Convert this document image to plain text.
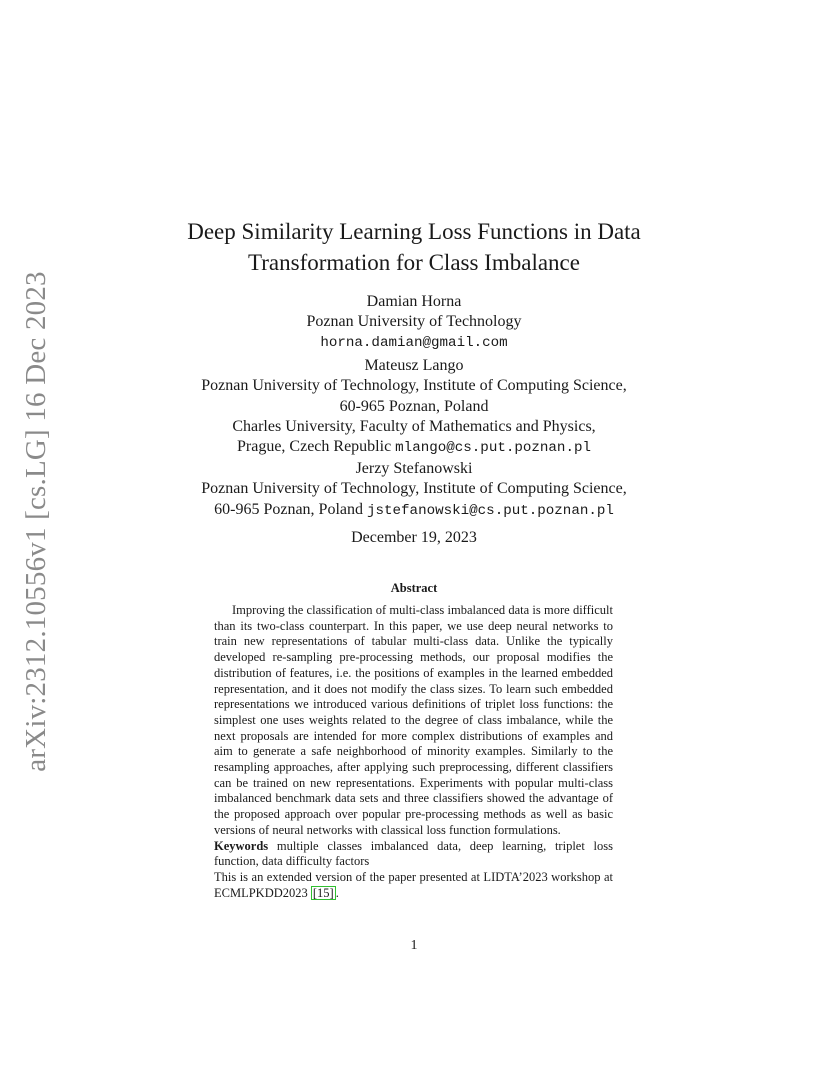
arXiv:2312.10556v1 [cs.LG] 16 Dec 2023
Deep Similarity Learning Loss Functions in Data
Transformation for Class Imbalance
Damian Horna
Poznan University of Technology
horna.damian@gmail.com
Mateusz Lango
Poznan University of Technology, Institute of Computing Science,
60-965 Poznan, Poland
Charles University, Faculty of Mathematics and Physics,
Prague, Czech Republic mlango@cs.put.poznan.pl
Jerzy Stefanowski
Poznan University of Technology, Institute of Computing Science,
60-965 Poznan, Poland jstefanowski@cs.put.poznan.pl
December 19, 2023
Abstract

Improving the classification of multi-class imbalanced data is more difficult than its two-class counterpart. In this paper, we use deep neural networks to train new representations of tabular multi-class data. Unlike the typically developed re-sampling pre-processing methods, our proposal modifies the distribution of features, i.e. the positions of examples in the learned embedded representation, and it does not modify the class sizes. To learn such embedded representations we introduced various definitions of triplet loss functions: the simplest one uses weights related to the degree of class imbalance, while the next proposals are intended for more complex distributions of examples and aim to generate a safe neighborhood of minority examples. Similarly to the resampling approaches, after applying such preprocessing, different classifiers can be trained on new representations. Experiments with popular multi-class imbalanced benchmark data sets and three classifiers showed the advantage of the proposed approach over popular pre-processing methods as well as basic versions of neural networks with classical loss function formulations.

Keywords multiple classes imbalanced data, deep learning, triplet loss function, data difficulty factors

This is an extended version of the paper presented at LIDTA’2023 workshop at ECMLPKDD2023 [15] .

1
